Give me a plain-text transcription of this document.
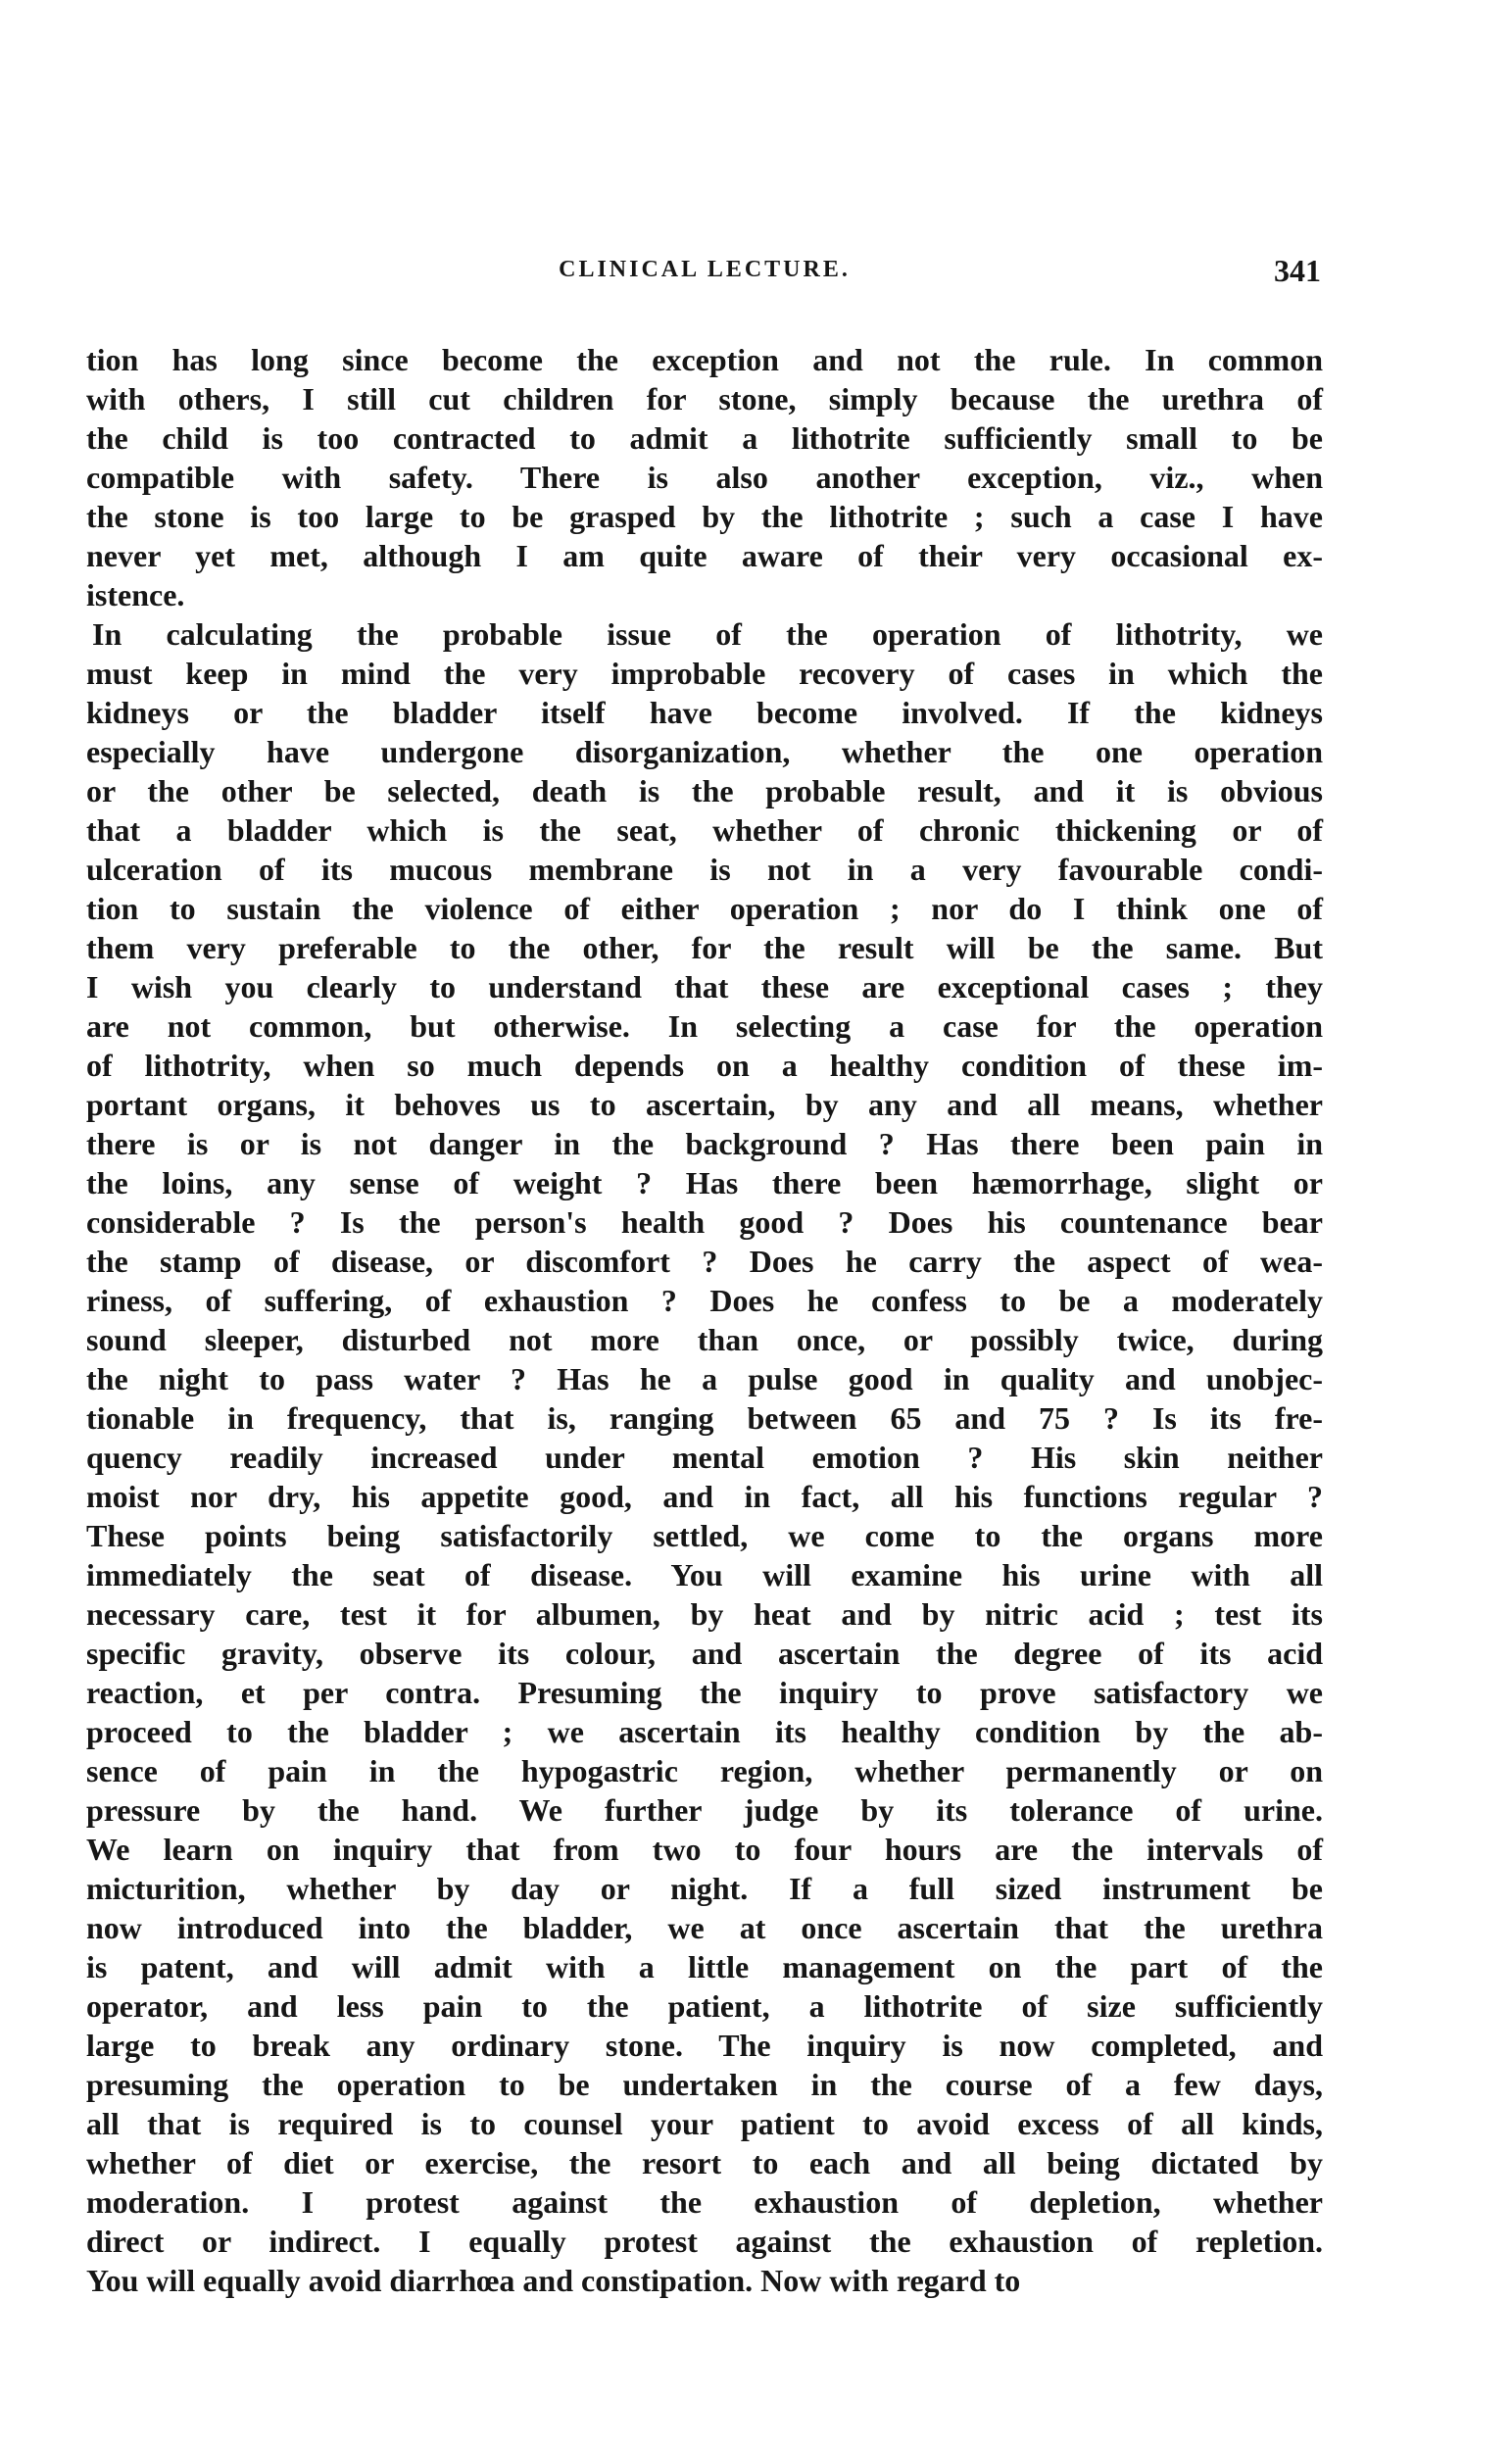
CLINICAL LECTURE.	341
tion has long since become the exception and not the rule. In common
with others, I still cut children for stone, simply because the urethra of
the child is too contracted to admit a lithotrite sufficiently small to be
compatible with safety. There is also another exception, viz., when
the stone is too large to be grasped by the lithotrite ; such a case I have
never yet met, although I am quite aware of their very occasional ex-
istence.
In calculating the probable issue of the operation of lithotrity, we
must keep in mind the very improbable recovery of cases in which the
kidneys or the bladder itself have become involved. If the kidneys
especially have undergone disorganization, whether the one operation
or the other be selected, death is the probable result, and it is obvious
that a bladder which is the seat, whether of chronic thickening or of
ulceration of its mucous membrane is not in a very favourable condi-
tion to sustain the violence of either operation ; nor do I think one of
them very preferable to the other, for the result will be the same. But
I wish you clearly to understand that these are exceptional cases ; they
are not common, but otherwise. In selecting a case for the operation
of lithotrity, when so much depends on a healthy condition of these im-
portant organs, it behoves us to ascertain, by any and all means, whether
there is or is not danger in the background ? Has there been pain in
the loins, any sense of weight ? Has there been hæmorrhage, slight or
considerable ? Is the person's health good ? Does his countenance bear
the stamp of disease, or discomfort ? Does he carry the aspect of wea-
riness, of suffering, of exhaustion ? Does he confess to be a moderately
sound sleeper, disturbed not more than once, or possibly twice, during
the night to pass water ? Has he a pulse good in quality and unobjec-
tionable in frequency, that is, ranging between 65 and 75 ? Is its fre-
quency readily increased under mental emotion ? His skin neither
moist nor dry, his appetite good, and in fact, all his functions regular ?
These points being satisfactorily settled, we come to the organs more
immediately the seat of disease. You will examine his urine with all
necessary care, test it for albumen, by heat and by nitric acid ; test its
specific gravity, observe its colour, and ascertain the degree of its acid
reaction, et per contra. Presuming the inquiry to prove satisfactory we
proceed to the bladder ; we ascertain its healthy condition by the ab-
sence of pain in the hypogastric region, whether permanently or on
pressure by the hand. We further judge by its tolerance of urine.
We learn on inquiry that from two to four hours are the intervals of
micturition, whether by day or night. If a full sized instrument be
now introduced into the bladder, we at once ascertain that the urethra
is patent, and will admit with a little management on the part of the
operator, and less pain to the patient, a lithotrite of size sufficiently
large to break any ordinary stone. The inquiry is now completed, and
presuming the operation to be undertaken in the course of a few days,
all that is required is to counsel your patient to avoid excess of all kinds,
whether of diet or exercise, the resort to each and all being dictated by
moderation. I protest against the exhaustion of depletion, whether
direct or indirect. I equally protest against the exhaustion of repletion.
You will equally avoid diarrhœa and constipation. Now with regard to
